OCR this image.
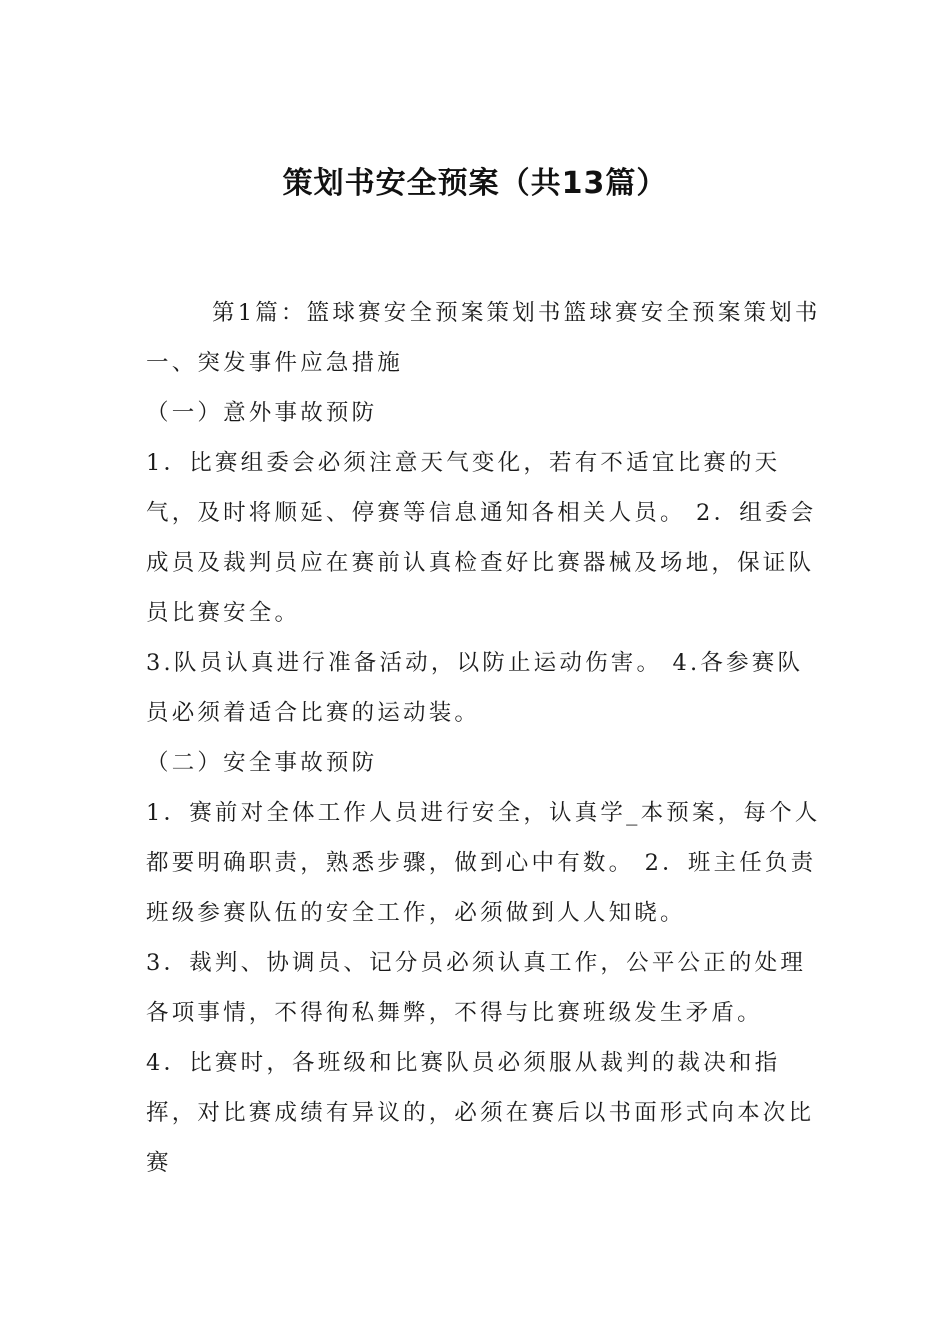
策划书安全预案（共13篇）

第1篇：篮球赛安全预案策划书篮球赛安全预案策划书

一、突发事件应急措施

（一）意外事故预防

1．比赛组委会必须注意天气变化，若有不适宜比赛的天气，及时将顺延、停赛等信息通知各相关人员。 2．组委会成员及裁判员应在赛前认真检查好比赛器械及场地，保证队员比赛安全。

3.队员认真进行准备活动，以防止运动伤害。 4.各参赛队员必须着适合比赛的运动装。

（二）安全事故预防

1．赛前对全体工作人员进行安全，认真学_本预案，每个人都要明确职责，熟悉步骤，做到心中有数。 2．班主任负责班级参赛队伍的安全工作，必须做到人人知晓。

3．裁判、协调员、记分员必须认真工作，公平公正的处理各项事情，不得徇私舞弊，不得与比赛班级发生矛盾。

4．比赛时，各班级和比赛队员必须服从裁判的裁决和指挥，对比赛成绩有异议的，必须在赛后以书面形式向本次比赛
